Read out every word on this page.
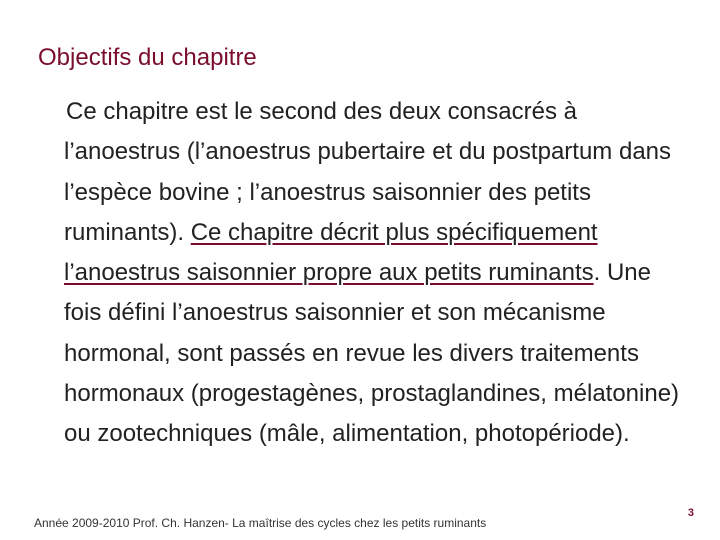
Objectifs du chapitre
Ce chapitre est le second des deux consacrés à l’anoestrus (l’anoestrus pubertaire et du postpartum dans l’espèce bovine ; l’anoestrus saisonnier des petits ruminants). Ce chapitre décrit plus spécifiquement l’anoestrus saisonnier propre aux petits ruminants. Une fois défini l’anoestrus saisonnier et son mécanisme hormonal, sont passés en revue les divers traitements hormonaux (progestagènes, prostaglandines, mélatonine) ou zootechniques (mâle, alimentation, photopériode).
Année 2009-2010 Prof. Ch. Hanzen- La maîtrise des cycles chez les petits ruminants
3
